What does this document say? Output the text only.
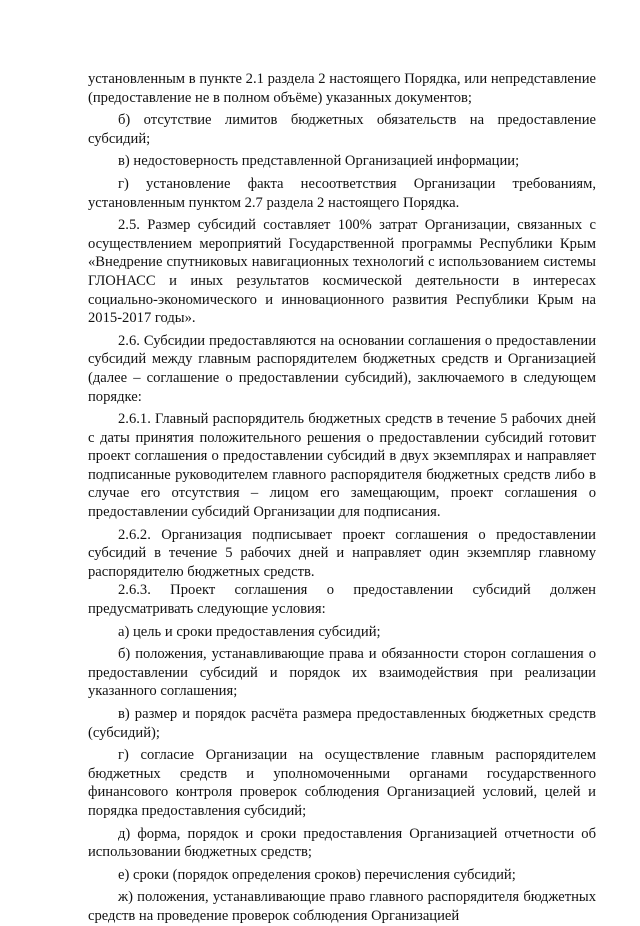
установленным в пункте 2.1 раздела 2 настоящего Порядка, или непредставление (предоставление не в полном объёме) указанных документов;

б) отсутствие лимитов бюджетных обязательств на предоставление субсидий;

в) недостоверность представленной Организацией информации;

г) установление факта несоответствия Организации требованиям, установленным пунктом 2.7 раздела 2 настоящего Порядка.

2.5. Размер субсидий составляет 100% затрат Организации, связанных с осуществлением мероприятий Государственной программы Республики Крым «Внедрение спутниковых навигационных технологий с использованием системы ГЛОНАСС и иных результатов космической деятельности в интересах социально-экономического и инновационного развития Республики Крым на 2015-2017 годы».

2.6. Субсидии предоставляются на основании соглашения о предоставлении субсидий между главным распорядителем бюджетных средств и Организацией (далее – соглашение о предоставлении субсидий), заключаемого в следующем порядке:

2.6.1. Главный распорядитель бюджетных средств в течение 5 рабочих дней с даты принятия положительного решения о предоставлении субсидий готовит проект соглашения о предоставлении субсидий в двух экземплярах и направляет подписанные руководителем главного распорядителя бюджетных средств либо в случае его отсутствия – лицом его замещающим, проект соглашения о предоставлении субсидий Организации для подписания.

2.6.2. Организация подписывает проект соглашения о предоставлении субсидий в течение 5 рабочих дней и направляет один экземпляр главному распорядителю бюджетных средств.

2.6.3. Проект соглашения о предоставлении субсидий должен предусматривать следующие условия:

а) цель и сроки предоставления субсидий;

б) положения, устанавливающие права и обязанности сторон соглашения о предоставлении субсидий и порядок их взаимодействия при реализации указанного соглашения;

в) размер и порядок расчёта размера предоставленных бюджетных средств (субсидий);

г) согласие Организации на осуществление главным распорядителем бюджетных средств и уполномоченными органами государственного финансового контроля проверок соблюдения Организацией условий, целей и порядка предоставления субсидий;

д) форма, порядок и сроки предоставления Организацией отчетности об использовании бюджетных средств;

е) сроки (порядок определения сроков) перечисления субсидий;

ж) положения, устанавливающие право главного распорядителя бюджетных средств на проведение проверок соблюдения Организацией
